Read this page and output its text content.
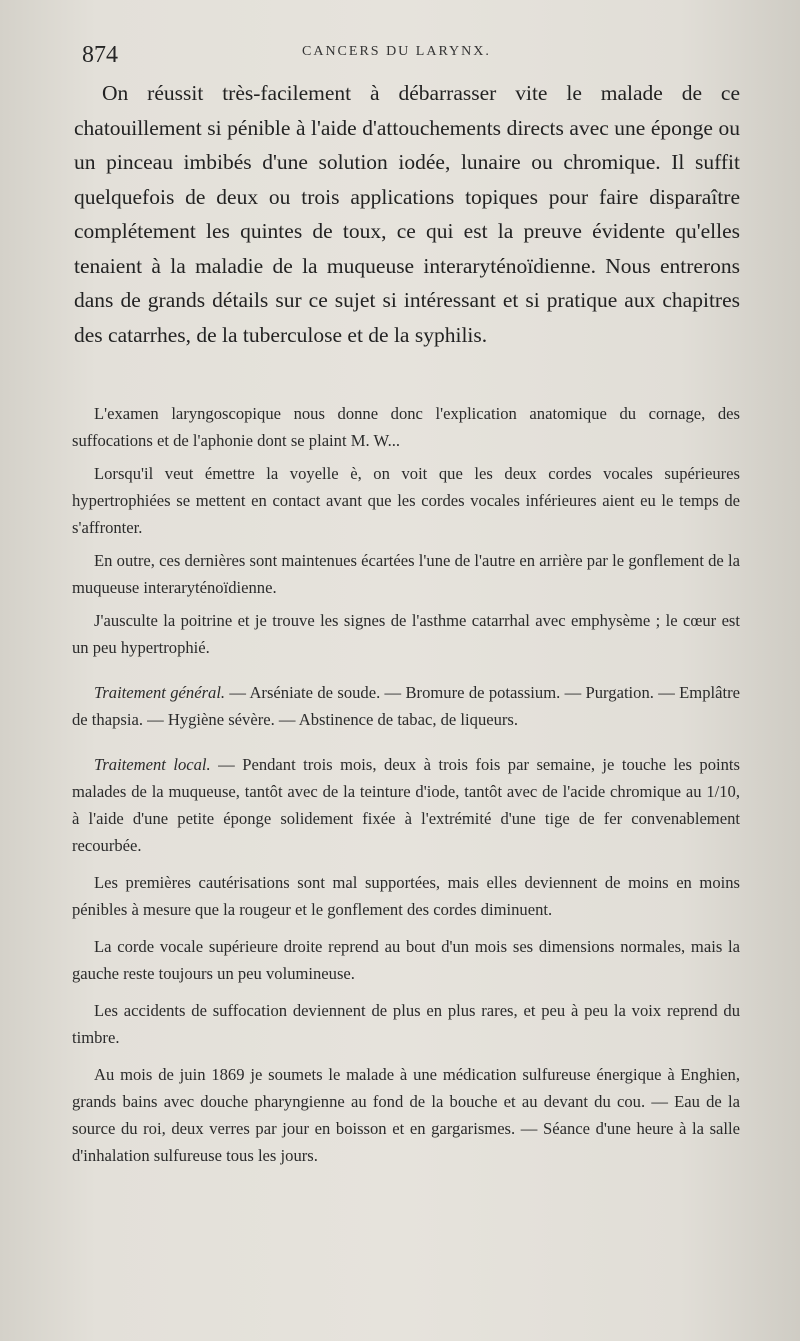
874	CANCERS DU LARYNX.

On réussit très-facilement à débarrasser vite le malade de ce chatouillement si pénible à l'aide d'attouchements directs avec une éponge ou un pinceau imbibés d'une solution iodée, lunaire ou chromique. Il suffit quelquefois de deux ou trois applications topiques pour faire disparaître complétement les quintes de toux, ce qui est la preuve évidente qu'elles tenaient à la maladie de la muqueuse interaryténoïdienne. Nous entrerons dans de grands détails sur ce sujet si intéressant et si pratique aux chapitres des catarrhes, de la tuberculose et de la syphilis.

L'examen laryngoscopique nous donne donc l'explication anatomique du cornage, des suffocations et de l'aphonie dont se plaint M. W...

Lorsqu'il veut émettre la voyelle è, on voit que les deux cordes vocales supérieures hypertrophiées se mettent en contact avant que les cordes vocales inférieures aient eu le temps de s'affronter.

En outre, ces dernières sont maintenues écartées l'une de l'autre en arrière par le gonflement de la muqueuse interaryténoïdienne.

J'ausculte la poitrine et je trouve les signes de l'asthme catarrhal avec emphysème ; le cœur est un peu hypertrophié.

Traitement général. — Arséniate de soude. — Bromure de potassium. — Purgation. — Emplâtre de thapsia. — Hygiène sévère. — Abstinence de tabac, de liqueurs.

Traitement local. — Pendant trois mois, deux à trois fois par semaine, je touche les points malades de la muqueuse, tantôt avec de la teinture d'iode, tantôt avec de l'acide chromique au 1/10, à l'aide d'une petite éponge solidement fixée à l'extrémité d'une tige de fer convenablement recourbée.

Les premières cautérisations sont mal supportées, mais elles deviennent de moins en moins pénibles à mesure que la rougeur et le gonflement des cordes diminuent.

La corde vocale supérieure droite reprend au bout d'un mois ses dimensions normales, mais la gauche reste toujours un peu volumineuse.

Les accidents de suffocation deviennent de plus en plus rares, et peu à peu la voix reprend du timbre.

Au mois de juin 1869 je soumets le malade à une médication sulfureuse énergique à Enghien, grands bains avec douche pharyngienne au fond de la bouche et au devant du cou. — Eau de la source du roi, deux verres par jour en boisson et en gargarismes. — Séance d'une heure à la salle d'inhalation sulfureuse tous les jours.
